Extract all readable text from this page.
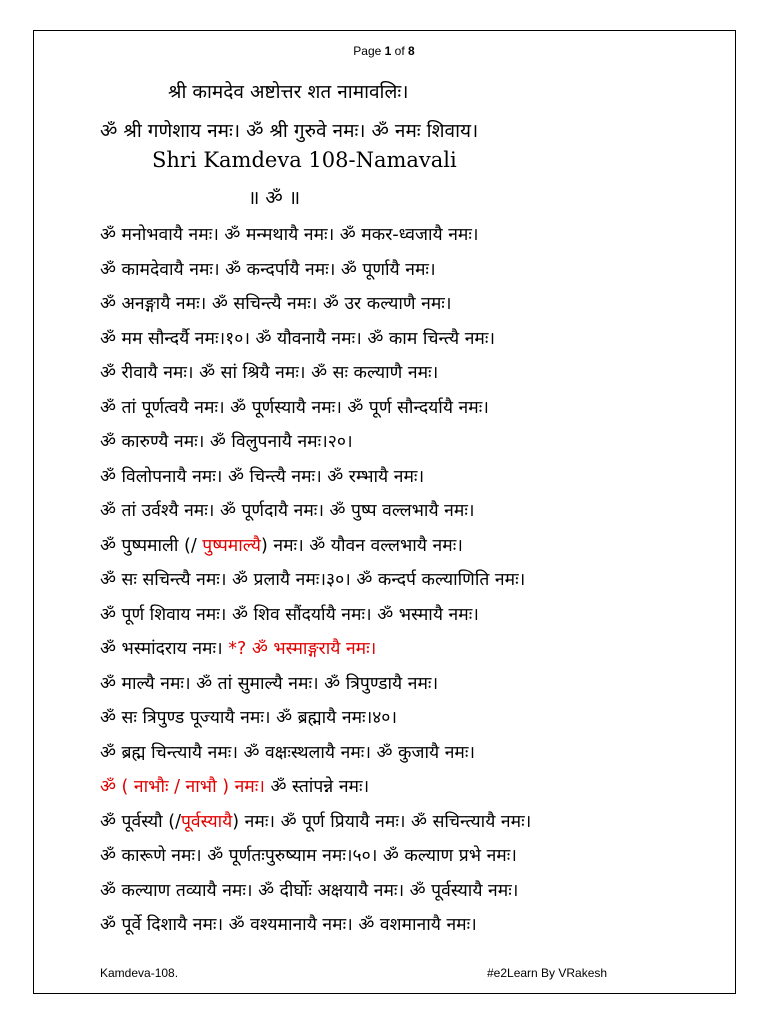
Page 1 of 8
श्री कामदेव अष्टोत्तर शत नामावलिः।
ॐ श्री गणेशाय नमः। ॐ श्री गुरुवे नमः। ॐ नमः शिवाय।
Shri Kamdeva 108-Namavali
॥ ॐ ॥
ॐ मनोभवायै नमः। ॐ मन्मथायै नमः। ॐ मकर-ध्वजायै नमः।
ॐ कामदेवायै नमः। ॐ कन्दर्पायै नमः। ॐ पूर्णायै नमः।
ॐ अनङ्गायै नमः। ॐ सचिन्त्यै नमः। ॐ उर कल्याणै नमः।
ॐ मम सौन्दर्यै नमः।१०। ॐ यौवनायै नमः। ॐ काम चिन्त्यै नमः।
ॐ रीवायै नमः। ॐ सां श्रियै नमः। ॐ सः कल्याणै नमः।
ॐ तां पूर्णत्वयै नमः। ॐ पूर्णस्यायै नमः। ॐ पूर्ण सौन्दर्यायै नमः।
ॐ कारुण्यै नमः। ॐ विलुपनायै नमः।२०।
ॐ विलोपनायै नमः। ॐ चिन्त्यै नमः। ॐ रम्भायै नमः।
ॐ तां उर्वश्यै नमः। ॐ पूर्णदायै नमः। ॐ पुष्प वल्लभायै नमः।
ॐ पुष्पमाली (/ पुष्पमाल्यै) नमः। ॐ यौवन वल्लभायै नमः।
ॐ सः सचिन्त्यै नमः। ॐ प्रलायै नमः।३०। ॐ कन्दर्प कल्याणिति नमः।
ॐ पूर्ण शिवाय नमः। ॐ शिव सौंदर्यायै नमः। ॐ भस्मायै नमः।
ॐ भस्मांदराय नमः। *? ॐ भस्माङ्गरायै नमः।
ॐ माल्यै नमः। ॐ तां सुमाल्यै नमः। ॐ त्रिपुण्डायै नमः।
ॐ सः त्रिपुण्ड पूज्यायै नमः। ॐ ब्रह्मायै नमः।४०।
ॐ ब्रह्म चिन्त्यायै नमः। ॐ वक्षःस्थलायै नमः। ॐ कुजायै नमः।
ॐ ( नाभौः / नाभौ ) नमः। ॐ स्तांपन्ने नमः।
ॐ पूर्वस्यौ (/पूर्वस्यायै) नमः। ॐ पूर्ण प्रियायै नमः। ॐ सचिन्त्यायै नमः।
ॐ कारूणे नमः। ॐ पूर्णतःपुरुष्याम नमः।५०। ॐ कल्याण प्रभे नमः।
ॐ कल्याण तव्यायै नमः। ॐ दीर्घोः अक्षयायै नमः। ॐ पूर्वस्यायै नमः।
ॐ पूर्वे दिशायै नमः। ॐ वश्यमानायै नमः। ॐ वशमानायै नमः।
Kamdeva-108.	#e2Learn By VRakesh
